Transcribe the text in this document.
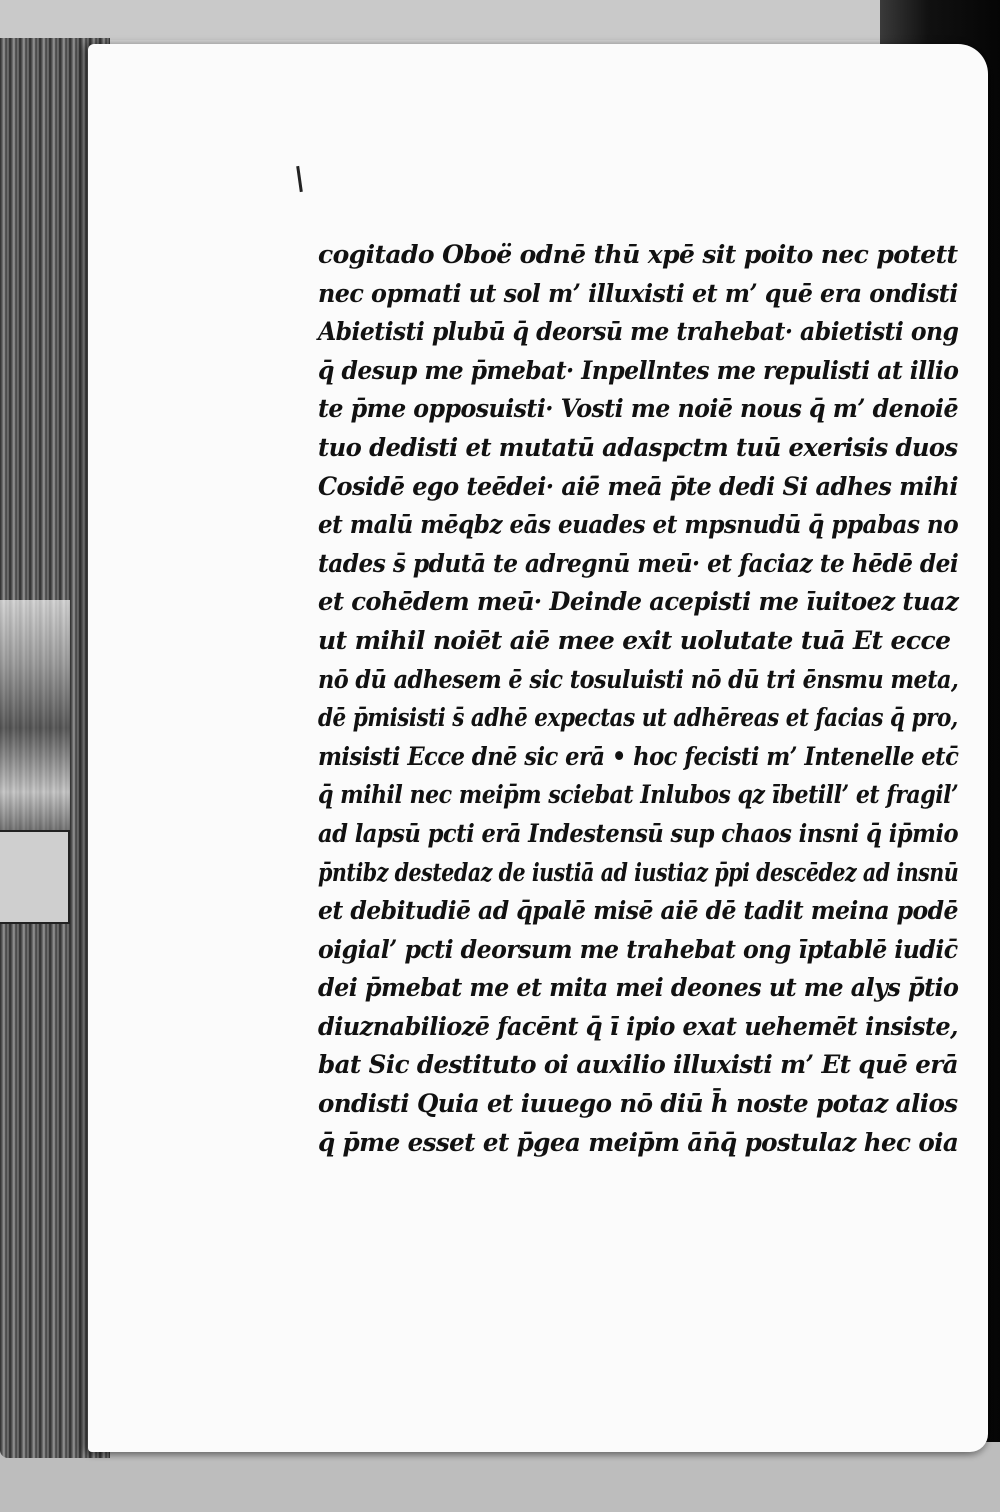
cogitado Oboë odnē thū xpē sit poito nec potett
nec opmati ut sol m’ illuxisti et m’ quē era ondisti
Abietisti plubū q̄ deorsū me trahebat· abietisti ong
q̄ desup me p̄mebat· Inpellntes me repulisti at illio
te p̄me opposuisti· Vosti me noiē nous q̄ m’ denoiē
tuo dedisti et mutatū adaspctm tuū exerisis duos
Cosidē ego teēdei· aiē̄ meā p̄te dedi Si adhes mihi
et malū mēqbz eās euades et mpsnudū q̄ ppabas no
tades s̄ pdutā te adregnū meū· et faciaz te hēdē dei
et cohēdem meū· Deinde acepisti me īuitoez tuaz
ut mihil noiēt aiē mee exit uolutate tuā Et ecce
nō dū adhesem ē sic tosuluisti nō dū tri ēnsmu meta,
dē p̄misisti s̄ adhē expectas ut adhēreas et facias q̄ pro,
misisti Ecce dnē sic erā • hoc fecisti m’ Intenelle etc̄
q̄ mihil nec meip̄m sciebat Inlubos qz ībetill’ et fragil’
ad lapsū pcti erā Indestensū sup chaos insni q̄ ip̄mio
p̄ntibz destedaz de iustiā ad iustiaz p̄pi descēdez ad insnū
et debitudiē ad q̄palē misē aiē dē tadit meina podē
oigial’ pcti deorsum me trahebat ong īptablē iudic̄
dei p̄mebat me et mita mei deones ut me alys p̄tio
diuznabiliozē facēnt q̄ ī ipio exat uehemēt insiste,
bat Sic destituto oi auxilio illuxisti m’ Et quē erā
ondisti Quia et iuuego nō diū h̄ noste potaz alios
q̄ p̄me esset et p̄gea meip̄m ān̄q̄ postulaz hec oia
